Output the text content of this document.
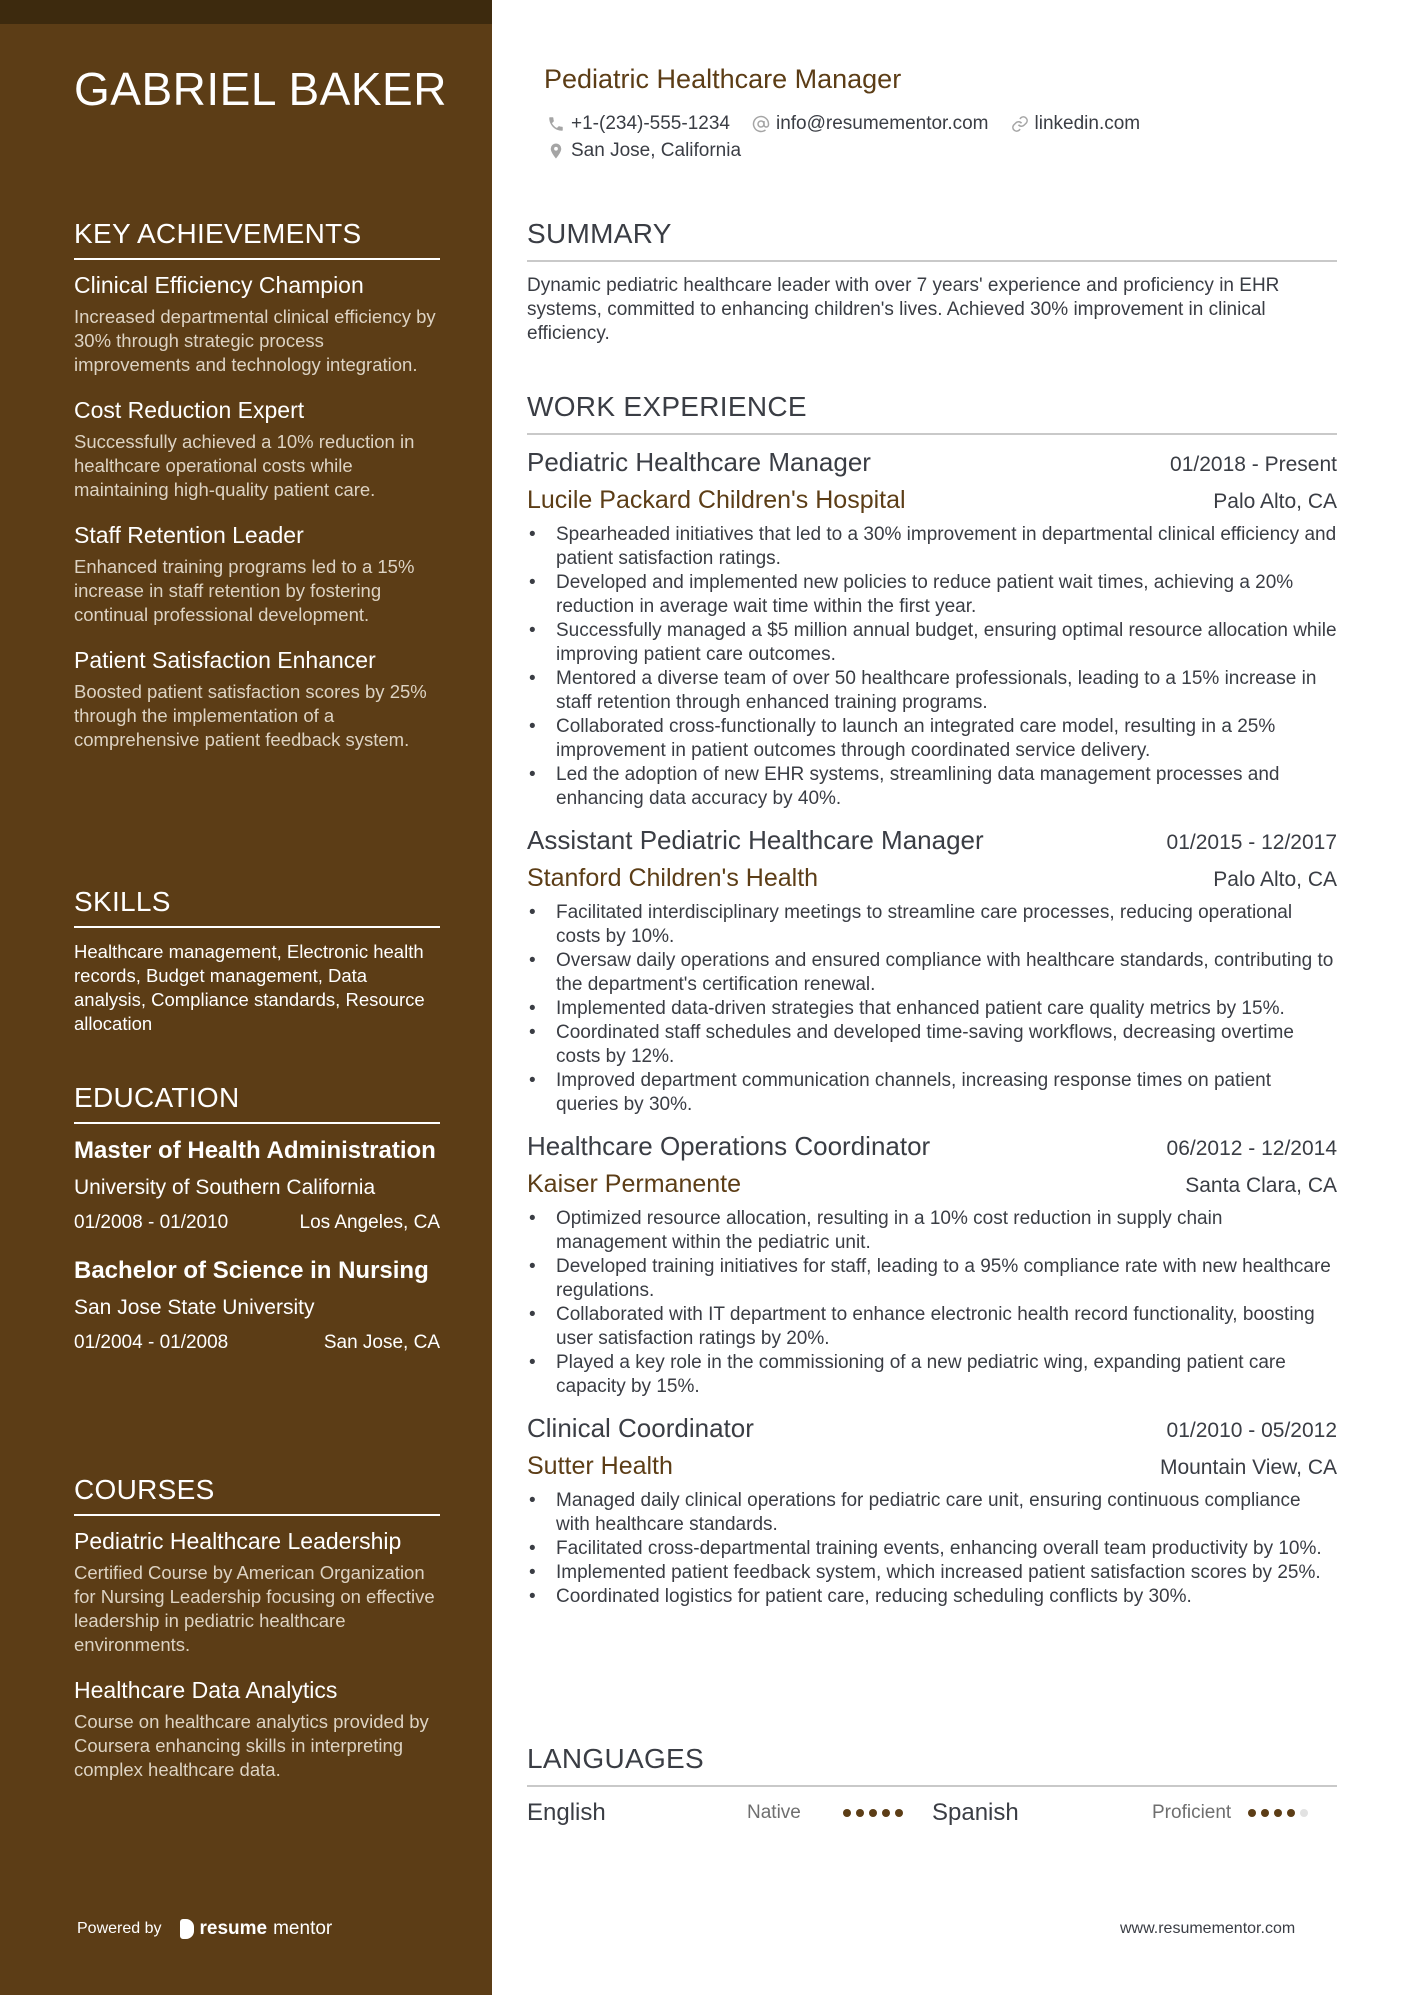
GABRIEL BAKER
KEY ACHIEVEMENTS
Clinical Efficiency Champion
Increased departmental clinical efficiency by 30% through strategic process improvements and technology integration.
Cost Reduction Expert
Successfully achieved a 10% reduction in healthcare operational costs while maintaining high-quality patient care.
Staff Retention Leader
Enhanced training programs led to a 15% increase in staff retention by fostering continual professional development.
Patient Satisfaction Enhancer
Boosted patient satisfaction scores by 25% through the implementation of a comprehensive patient feedback system.
SKILLS
Healthcare management, Electronic health records, Budget management, Data analysis, Compliance standards, Resource allocation
EDUCATION
Master of Health Administration
University of Southern California
01/2008 - 01/2010	Los Angeles, CA
Bachelor of Science in Nursing
San Jose State University
01/2004 - 01/2008	San Jose, CA
COURSES
Pediatric Healthcare Leadership
Certified Course by American Organization for Nursing Leadership focusing on effective leadership in pediatric healthcare environments.
Healthcare Data Analytics
Course on healthcare analytics provided by Coursera enhancing skills in interpreting complex healthcare data.
Powered by resume mentor
Pediatric Healthcare Manager
+1-(234)-555-1234 info@resumementor.com linkedin.com
San Jose, California
SUMMARY
Dynamic pediatric healthcare leader with over 7 years' experience and proficiency in EHR systems, committed to enhancing children's lives. Achieved 30% improvement in clinical efficiency.
WORK EXPERIENCE
Pediatric Healthcare Manager	01/2018 - Present
Lucile Packard Children's Hospital	Palo Alto, CA
• Spearheaded initiatives that led to a 30% improvement in departmental clinical efficiency and patient satisfaction ratings.
• Developed and implemented new policies to reduce patient wait times, achieving a 20% reduction in average wait time within the first year.
• Successfully managed a $5 million annual budget, ensuring optimal resource allocation while improving patient care outcomes.
• Mentored a diverse team of over 50 healthcare professionals, leading to a 15% increase in staff retention through enhanced training programs.
• Collaborated cross-functionally to launch an integrated care model, resulting in a 25% improvement in patient outcomes through coordinated service delivery.
• Led the adoption of new EHR systems, streamlining data management processes and enhancing data accuracy by 40%.
Assistant Pediatric Healthcare Manager	01/2015 - 12/2017
Stanford Children's Health	Palo Alto, CA
• Facilitated interdisciplinary meetings to streamline care processes, reducing operational costs by 10%.
• Oversaw daily operations and ensured compliance with healthcare standards, contributing to the department's certification renewal.
• Implemented data-driven strategies that enhanced patient care quality metrics by 15%.
• Coordinated staff schedules and developed time-saving workflows, decreasing overtime costs by 12%.
• Improved department communication channels, increasing response times on patient queries by 30%.
Healthcare Operations Coordinator	06/2012 - 12/2014
Kaiser Permanente	Santa Clara, CA
• Optimized resource allocation, resulting in a 10% cost reduction in supply chain management within the pediatric unit.
• Developed training initiatives for staff, leading to a 95% compliance rate with new healthcare regulations.
• Collaborated with IT department to enhance electronic health record functionality, boosting user satisfaction ratings by 20%.
• Played a key role in the commissioning of a new pediatric wing, expanding patient care capacity by 15%.
Clinical Coordinator	01/2010 - 05/2012
Sutter Health	Mountain View, CA
• Managed daily clinical operations for pediatric care unit, ensuring continuous compliance with healthcare standards.
• Facilitated cross-departmental training events, enhancing overall team productivity by 10%.
• Implemented patient feedback system, which increased patient satisfaction scores by 25%.
• Coordinated logistics for patient care, reducing scheduling conflicts by 30%.
LANGUAGES
English	Native	Spanish	Proficient
www.resumementor.com
